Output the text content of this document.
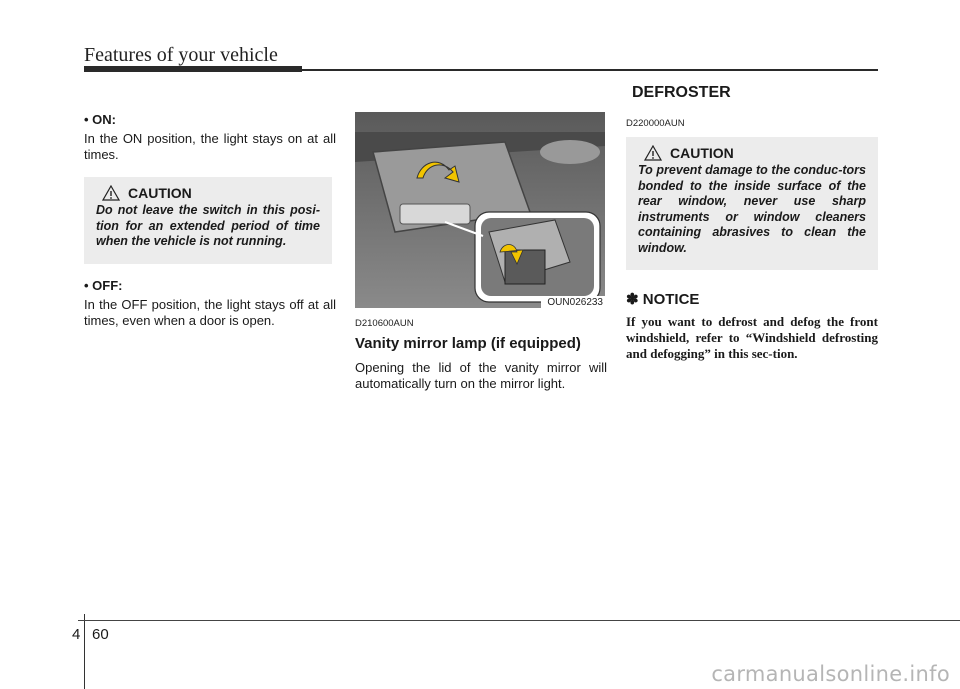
Features of your vehicle

• ON:

In the ON position, the light stays on at all times.

CAUTION

Do not leave the switch in this posi-tion for an extended period of time when the vehicle is not running.

• OFF:

In the OFF position, the light stays off at all times, even when a door is open.

OUN026233

D210600AUN

Vanity mirror lamp (if equipped)

Opening the lid of the vanity mirror will automatically turn on the mirror light.

DEFROSTER

D220000AUN

CAUTION

To prevent damage to the conduc-tors bonded to the inside surface of the rear window, never use sharp instruments or window cleaners containing abrasives to clean the window.

✽ NOTICE

If you want to defrost and defog the front windshield, refer to “Windshield defrosting and defogging” in this sec-tion.

4 60
carmanualsonline.info
